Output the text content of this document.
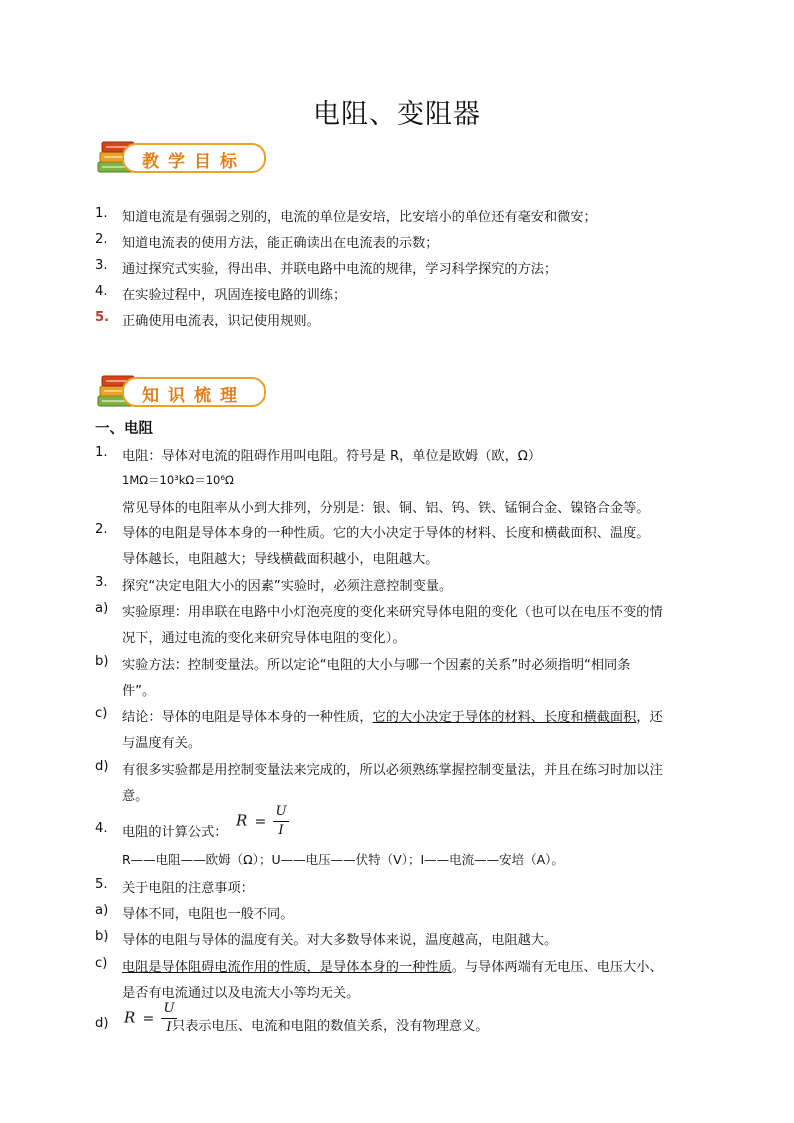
电阻、变阻器
教学目标
1. 知道电流是有强弱之别的，电流的单位是安培，比安培小的单位还有毫安和微安；
2. 知道电流表的使用方法，能正确读出在电流表的示数；
3. 通过探究式实验，得出串、并联电路中电流的规律，学习科学探究的方法；
4. 在实验过程中，巩固连接电路的训练；
5. 正确使用电流表，识记使用规则。
知识梳理
一、电阻
1. 电阻：导体对电流的阻碍作用叫电阻。符号是 R，单位是欧姆（欧，Ω）
1MΩ＝10³kΩ＝10⁶Ω
常见导体的电阻率从小到大排列，分别是：银、铜、铝、钨、铁、锰铜合金、镍铬合金等。
2. 导体的电阻是导体本身的一种性质。它的大小决定于导体的材料、长度和横截面积、温度。
导体越长，电阻越大；导线横截面积越小，电阻越大。
3. 探究“决定电阻大小的因素”实验时，必须注意控制变量。
a) 实验原理：用串联在电路中小灯泡亮度的变化来研究导体电阻的变化（也可以在电压不变的情
况下，通过电流的变化来研究导体电阻的变化）。
b) 实验方法：控制变量法。所以定论“电阻的大小与哪一个因素的关系”时必须指明“相同条
件”。
c) 结论：导体的电阻是导体本身的一种性质，它的大小决定于导体的材料、长度和横截面积，还
与温度有关。
d) 有很多实验都是用控制变量法来完成的，所以必须熟练掌握控制变量法，并且在练习时加以注
意。
4. 电阻的计算公式：
$R = \frac{U}{I}$
R——电阻——欧姆（Ω）；U——电压——伏特（V）；I——电流——安培（A）。
5. 关于电阻的注意事项：
a) 导体不同，电阻也一般不同。
b) 导体的电阻与导体的温度有关。对大多数导体来说，温度越高，电阻越大。
c) 电阻是导体阻碍电流作用的性质，是导体本身的一种性质。与导体两端有无电压、电压大小、
是否有电流通过以及电流大小等均无关。
d) $R = \frac{U}{I}$
只表示电压、电流和电阻的数值关系，没有物理意义。
